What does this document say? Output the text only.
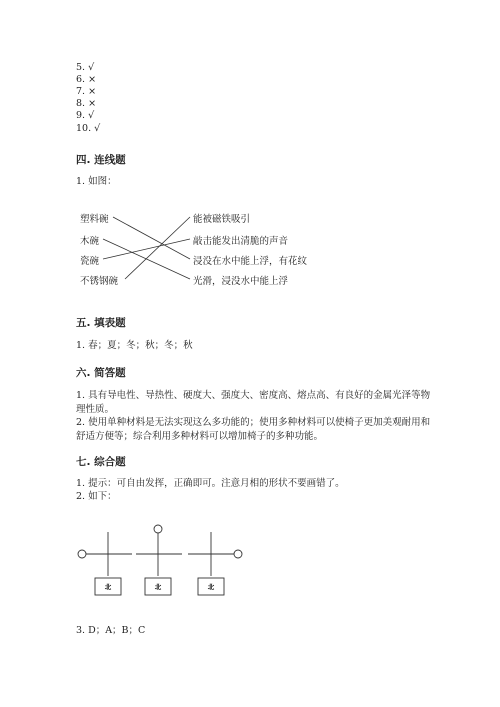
5. √
6. ×
7. ×
8. ×
9. √
10. √
四. 连线题
1. 如图：
塑料碗
木碗
瓷碗
不锈钢碗
能被磁铁吸引
敲击能发出清脆的声音
浸没在水中能上浮，有花纹
光滑，浸没水中能上浮
北	北	北
五. 填表题
1. 春；夏；冬；秋；冬；秋
六. 简答题
1. 具有导电性、导热性、硬度大、强度大、密度高、熔点高、有良好的金属光泽等物理性质。
2. 使用单种材料是无法实现这么多功能的；使用多种材料可以使椅子更加美观耐用和舒适方便等；综合利用多种材料可以增加椅子的多种功能。
七. 综合题
1. 提示：可自由发挥，正确即可。注意月相的形状不要画错了。
2. 如下：
3. D；A；B；C
